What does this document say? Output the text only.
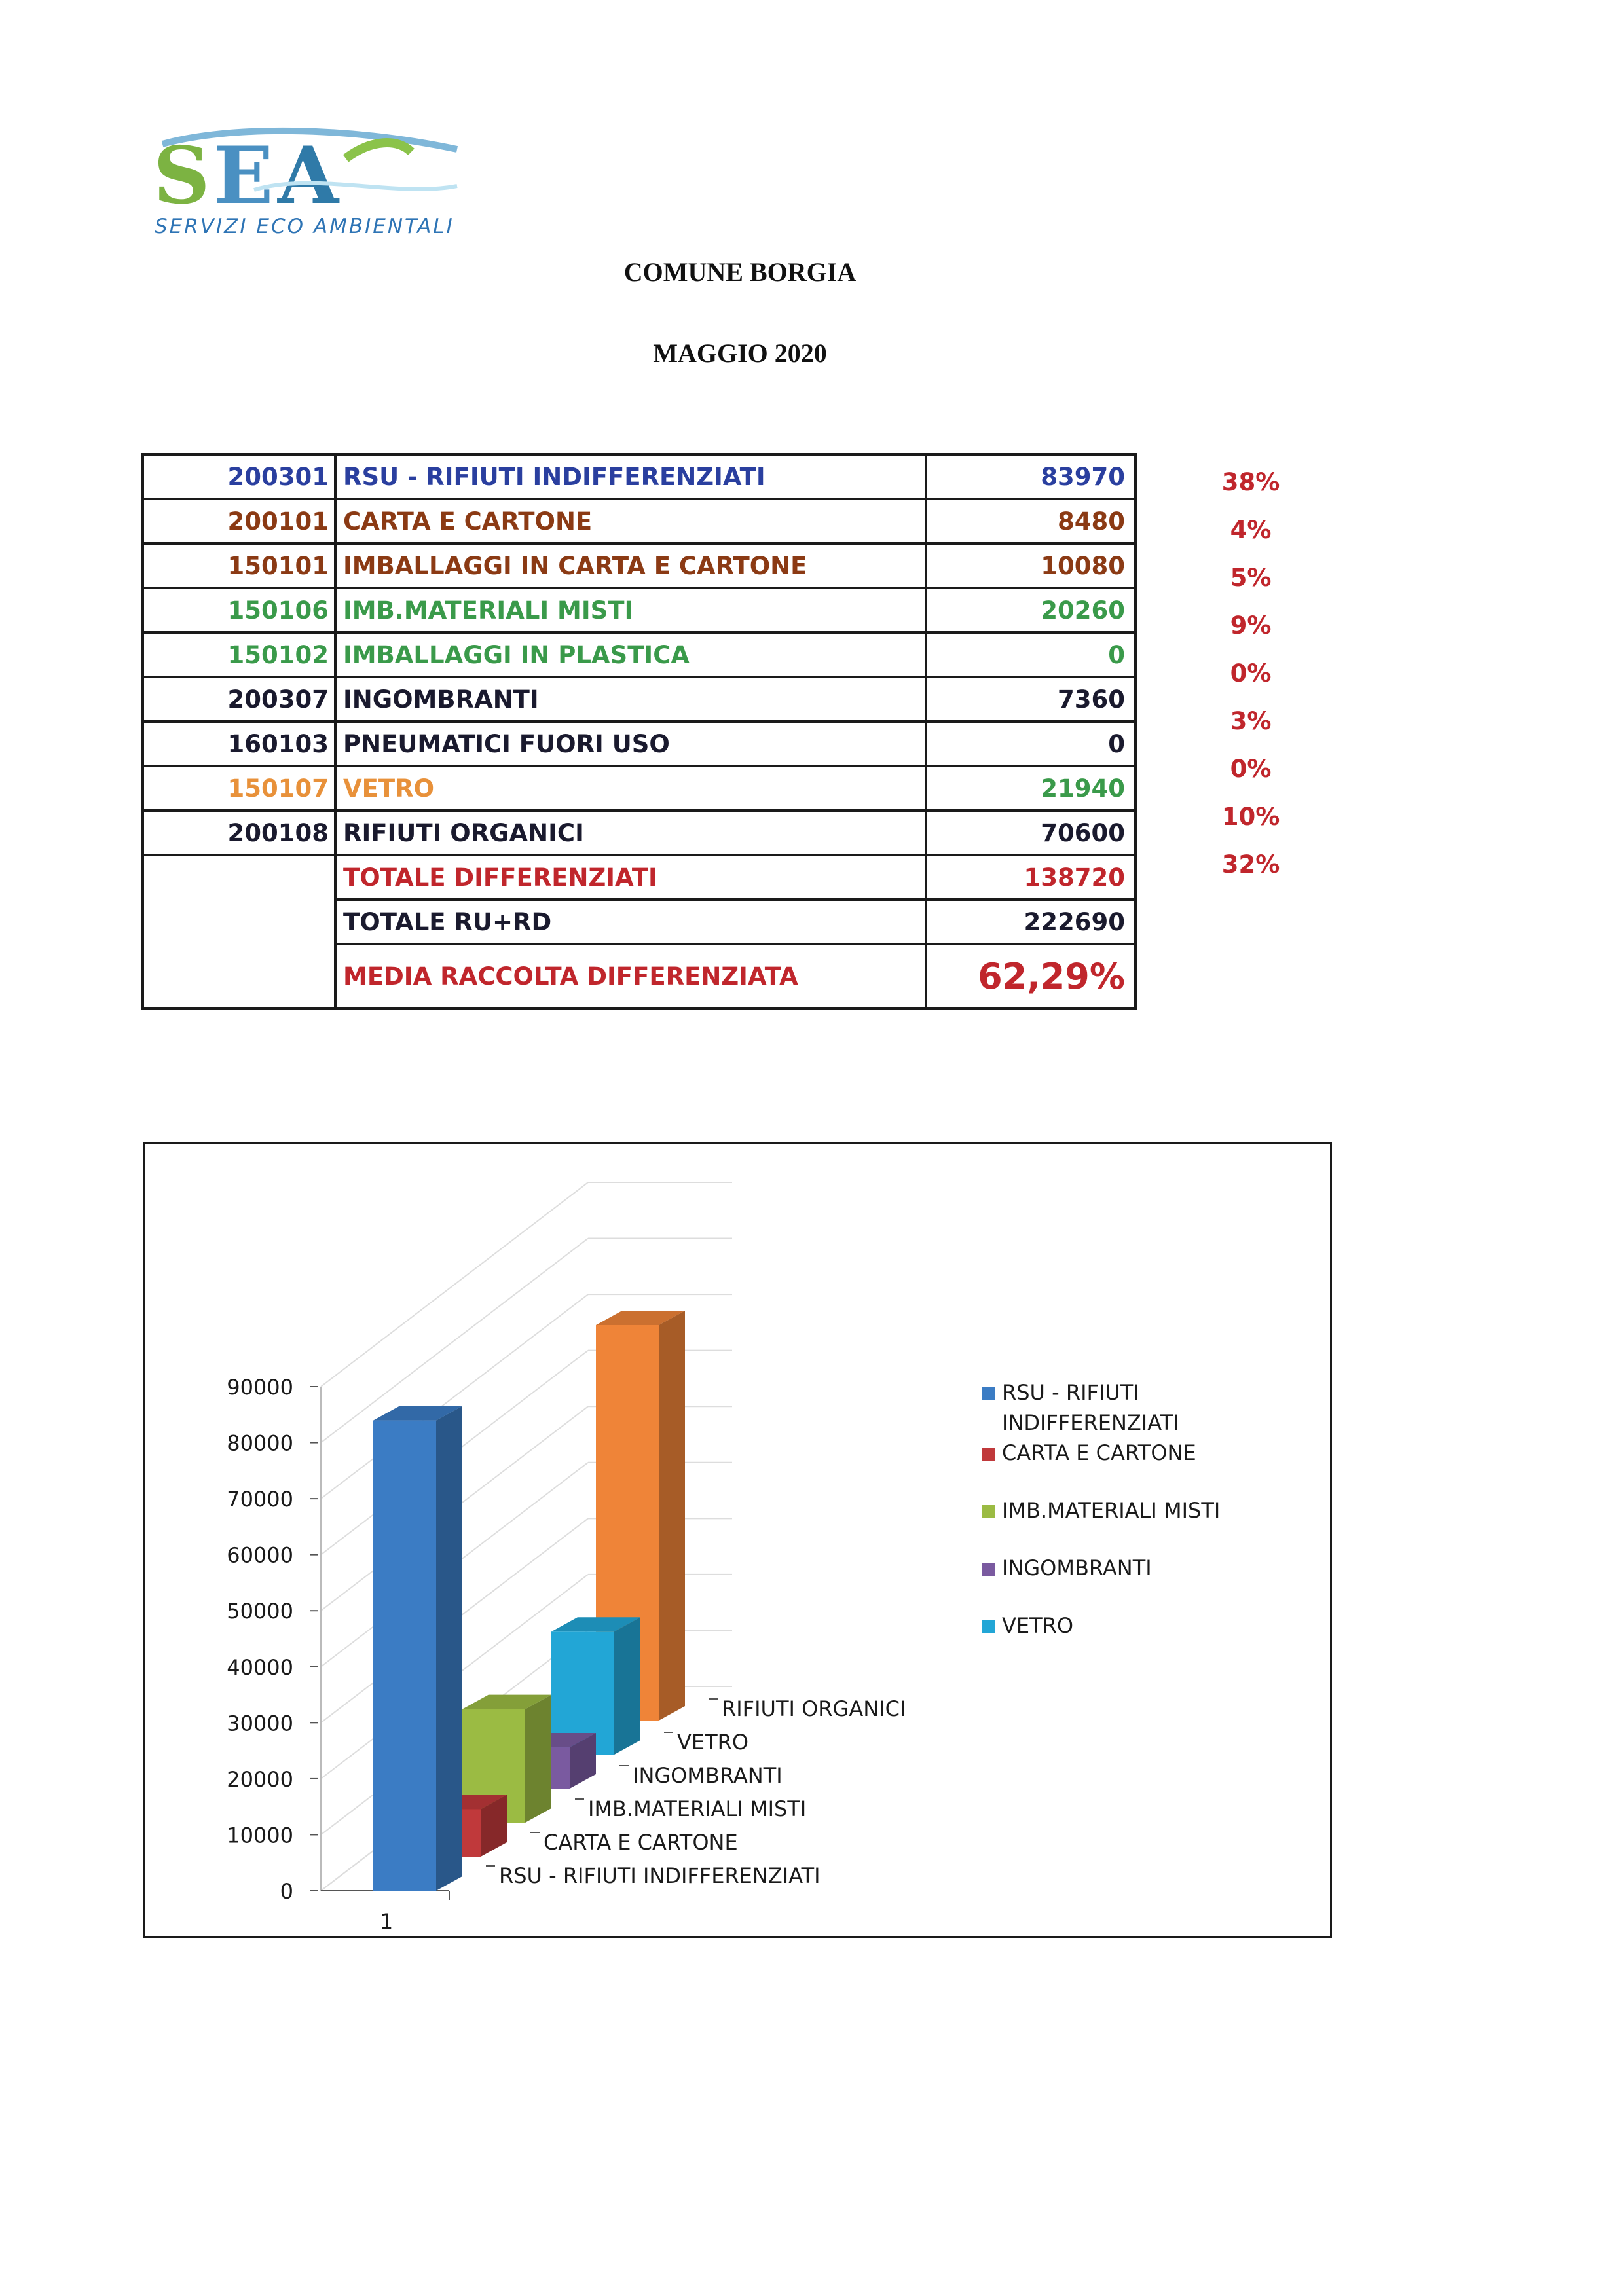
S E A
SERVIZI ECO AMBIENTALI
COMUNE BORGIA
MAGGIO 2020
200301	RSU - RIFIUTI INDIFFERENZIATI	83970
200101	CARTA E CARTONE	8480
150101	IMBALLAGGI IN CARTA E CARTONE	10080
150106	IMB.MATERIALI MISTI	20260
150102	IMBALLAGGI IN PLASTICA	0
200307	INGOMBRANTI	7360
160103	PNEUMATICI FUORI USO	0
150107	VETRO	21940
200108	RIFIUTI ORGANICI	70600
	TOTALE DIFFERENZIATI	138720
	TOTALE RU+RD	222690
	MEDIA RACCOLTA DIFFERENZIATA	62,29%
38%
4%
5%
9%
0%
3%
0%
10%
32%
0
10000
20000
30000
40000
50000
60000
70000
80000
90000
1
RSU - RIFIUTI INDIFFERENZIATI
CARTA E CARTONE
IMB.MATERIALI MISTI
INGOMBRANTI
VETRO
RIFIUTI ORGANICI
RSU - RIFIUTI INDIFFERENZIATI
CARTA E CARTONE
IMB.MATERIALI MISTI
INGOMBRANTI
VETRO
